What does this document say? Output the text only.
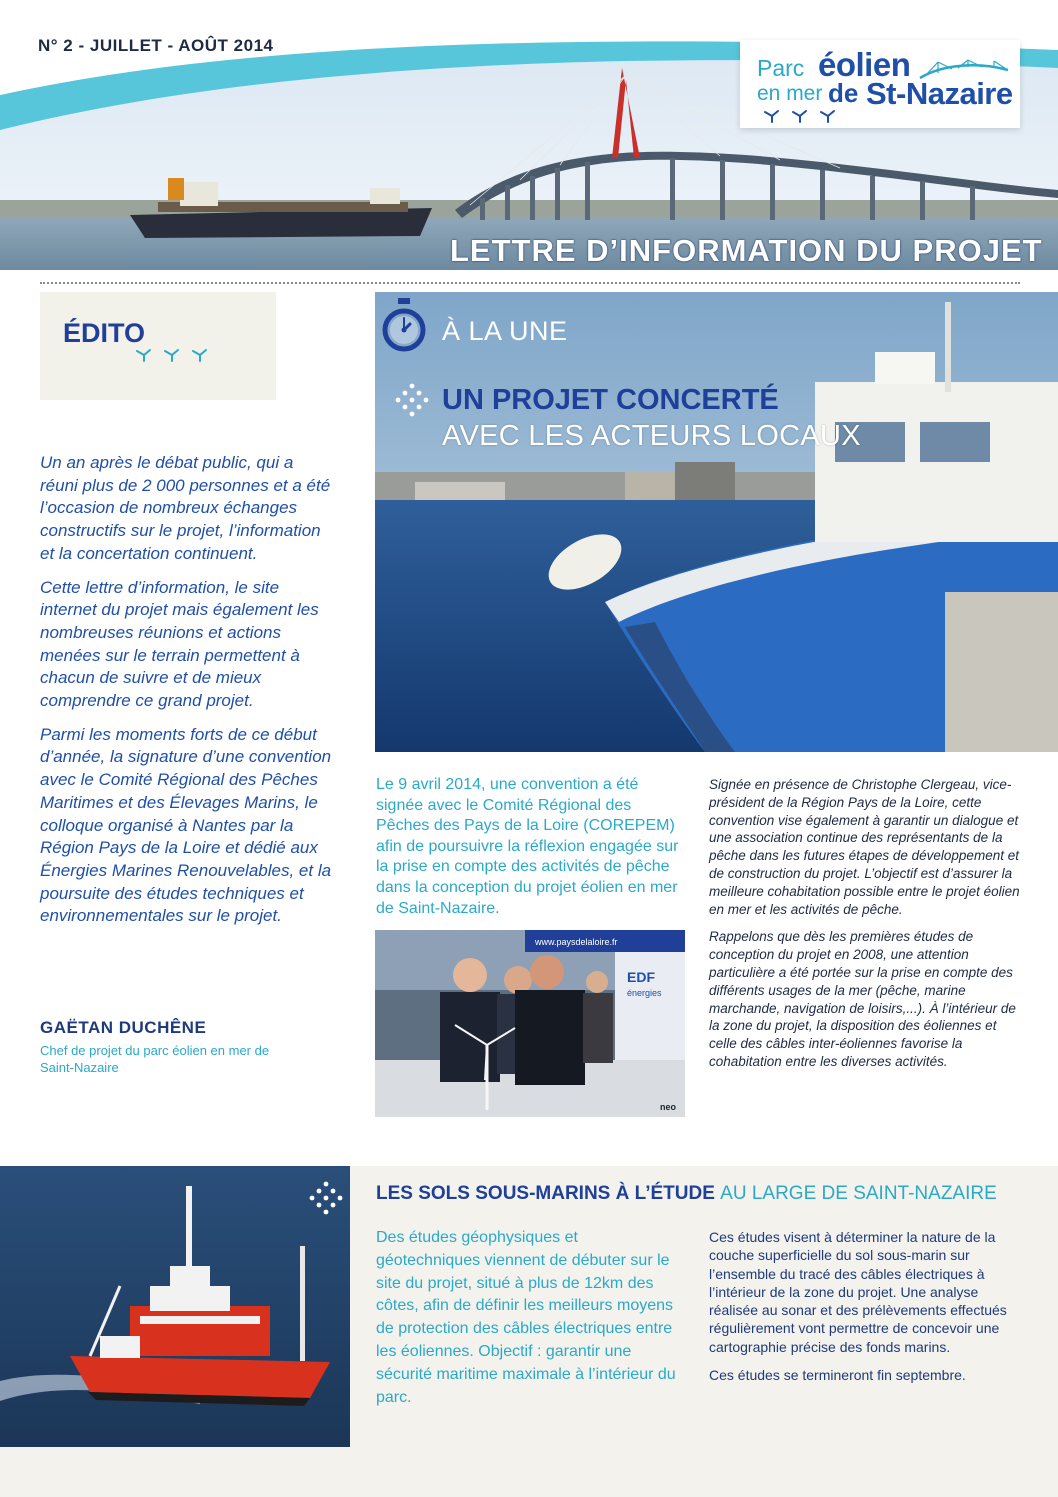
N° 2 - JUILLET - AOÛT 2014
Parc éolien
en mer de St-Nazaire
LETTRE D’INFORMATION DU PROJET
ÉDITO

Un an après le débat public, qui a réuni plus de 2 000 personnes et a été l’occasion de nombreux échanges constructifs sur le projet, l’information et la concertation continuent.

Cette lettre d’information, le site internet du projet mais également les nombreuses réunions et actions menées sur le terrain permettent à chacun de suivre et de mieux comprendre ce grand projet.

Parmi les moments forts de ce début d’année, la signature d’une convention avec le Comité Régional des Pêches Maritimes et des Élevages Marins, le colloque organisé à Nantes par la Région Pays de la Loire et dédié aux Énergies Marines Renouvelables, et la poursuite des études techniques et environnementales sur le projet.

GAËTAN DUCHÊNE
Chef de projet du parc éolien en mer de Saint-Nazaire
À LA UNE
UN PROJET CONCERTÉ
AVEC LES ACTEURS LOCAUX
Le 9 avril 2014, une convention a été signée avec le Comité Régional des Pêches des Pays de la Loire (COREPEM) afin de poursuivre la réflexion engagée sur la prise en compte des activités de pêche dans la conception du projet éolien en mer de Saint-Nazaire.

Signée en présence de Christophe Clergeau, vice-président de la Région Pays de la Loire, cette convention vise également à garantir un dialogue et une association continue des représentants de la pêche dans les futures étapes de développement et de construction du projet. L’objectif est d’assurer la meilleure cohabitation possible entre le projet éolien en mer et les activités de pêche.

Rappelons que dès les premières études de conception du projet en 2008, une attention particulière a été portée sur la prise en compte des différents usages de la mer (pêche, marine marchande, navigation de loisirs,...). À l’intérieur de la zone du projet, la disposition des éoliennes et celle des câbles inter-éoliennes favorise la cohabitation entre les diverses activités.

www.paysdelaloire.fr
EDF
énergies
neo
LES SOLS SOUS-MARINS À L’ÉTUDE AU LARGE DE SAINT-NAZAIRE
Des études géophysiques et géotechniques viennent de débuter sur le site du projet, situé à plus de 12km des côtes, afin de définir les meilleurs moyens de protection des câbles électriques entre les éoliennes. Objectif : garantir une sécurité maritime maximale à l’intérieur du parc.

Ces études visent à déterminer la nature de la couche superficielle du sol sous-marin sur l’ensemble du tracé des câbles électriques à l’intérieur de la zone du projet. Une analyse réalisée au sonar et des prélèvements effectués régulièrement vont permettre de concevoir une cartographie précise des fonds marins.

Ces études se termineront fin septembre.
